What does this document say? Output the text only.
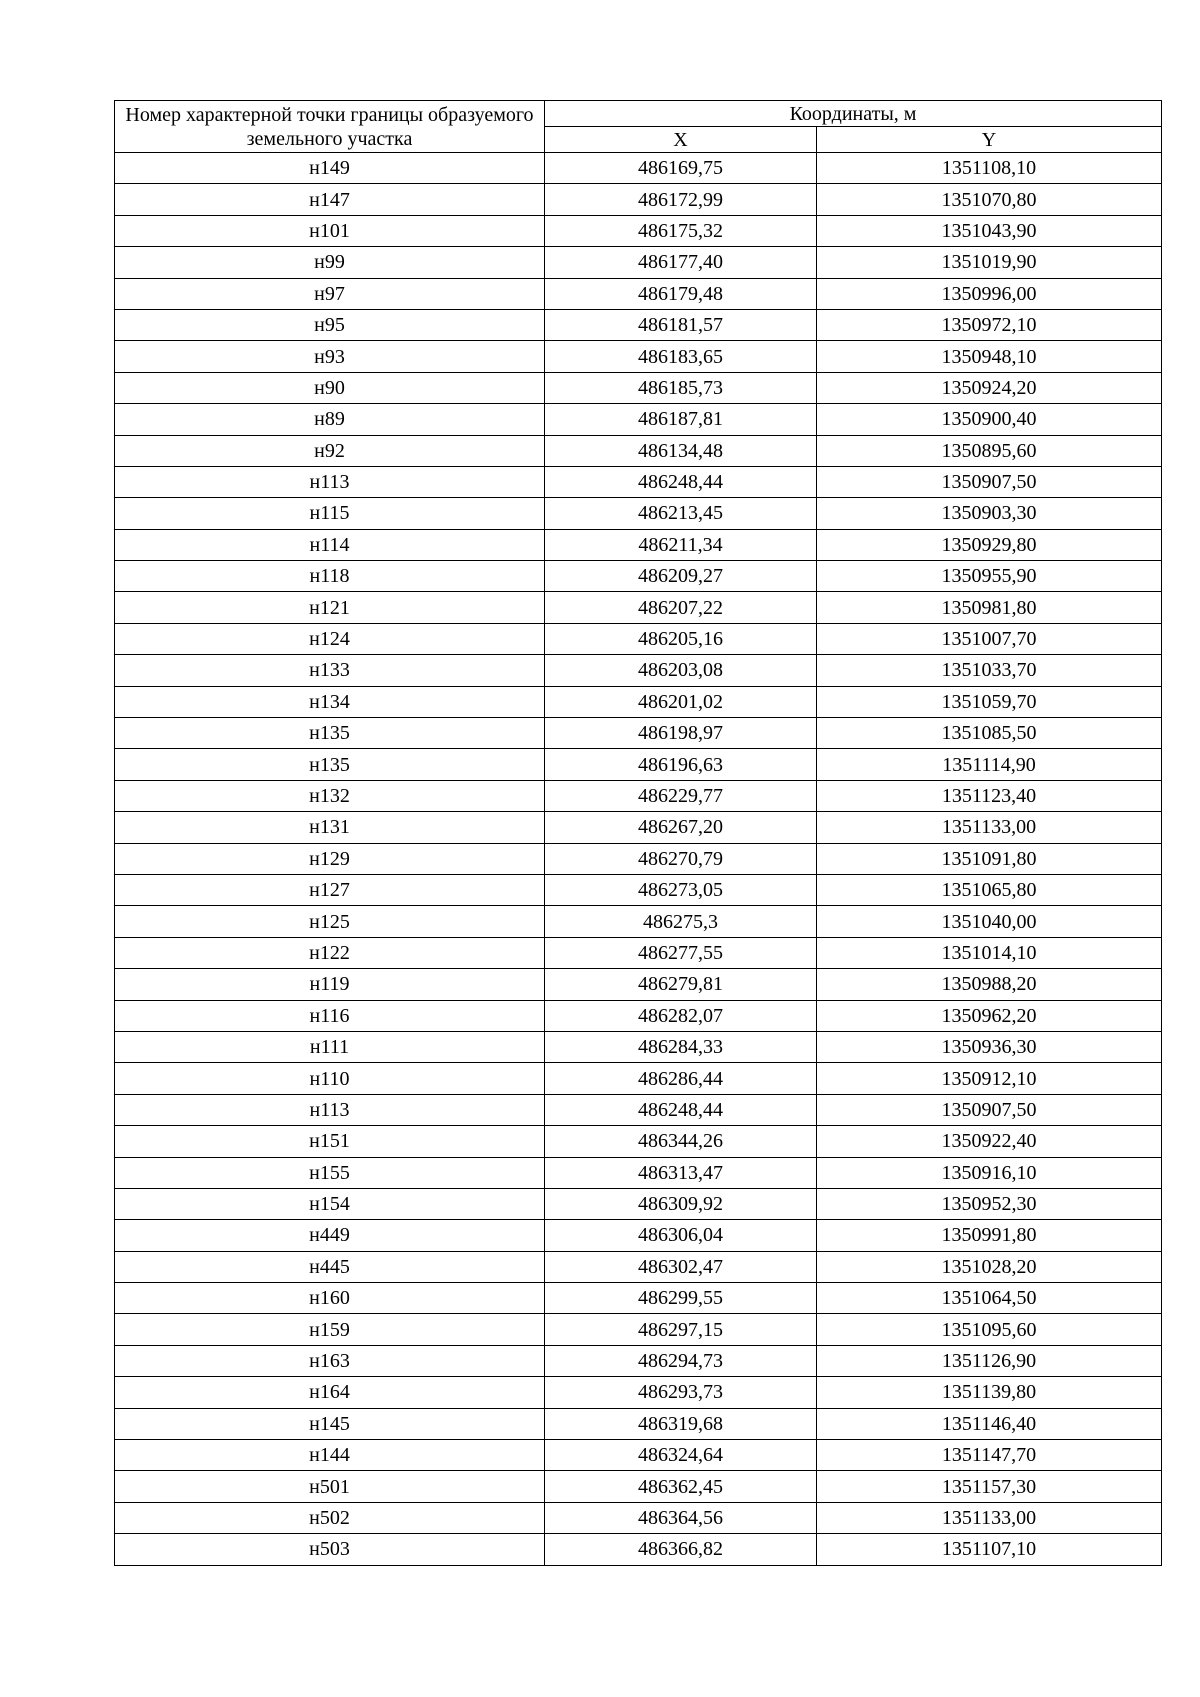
Номер характерной точки границы образуемого земельного участка	Координаты, м	
	X	Y
н149	486169,75	1351108,10
н147	486172,99	1351070,80
н101	486175,32	1351043,90
н99	486177,40	1351019,90
н97	486179,48	1350996,00
н95	486181,57	1350972,10
н93	486183,65	1350948,10
н90	486185,73	1350924,20
н89	486187,81	1350900,40
н92	486134,48	1350895,60
н113	486248,44	1350907,50
н115	486213,45	1350903,30
н114	486211,34	1350929,80
н118	486209,27	1350955,90
н121	486207,22	1350981,80
н124	486205,16	1351007,70
н133	486203,08	1351033,70
н134	486201,02	1351059,70
н135	486198,97	1351085,50
н135	486196,63	1351114,90
н132	486229,77	1351123,40
н131	486267,20	1351133,00
н129	486270,79	1351091,80
н127	486273,05	1351065,80
н125	486275,3	1351040,00
н122	486277,55	1351014,10
н119	486279,81	1350988,20
н116	486282,07	1350962,20
н111	486284,33	1350936,30
н110	486286,44	1350912,10
н113	486248,44	1350907,50
н151	486344,26	1350922,40
н155	486313,47	1350916,10
н154	486309,92	1350952,30
н449	486306,04	1350991,80
н445	486302,47	1351028,20
н160	486299,55	1351064,50
н159	486297,15	1351095,60
н163	486294,73	1351126,90
н164	486293,73	1351139,80
н145	486319,68	1351146,40
н144	486324,64	1351147,70
н501	486362,45	1351157,30
н502	486364,56	1351133,00
н503	486366,82	1351107,10
